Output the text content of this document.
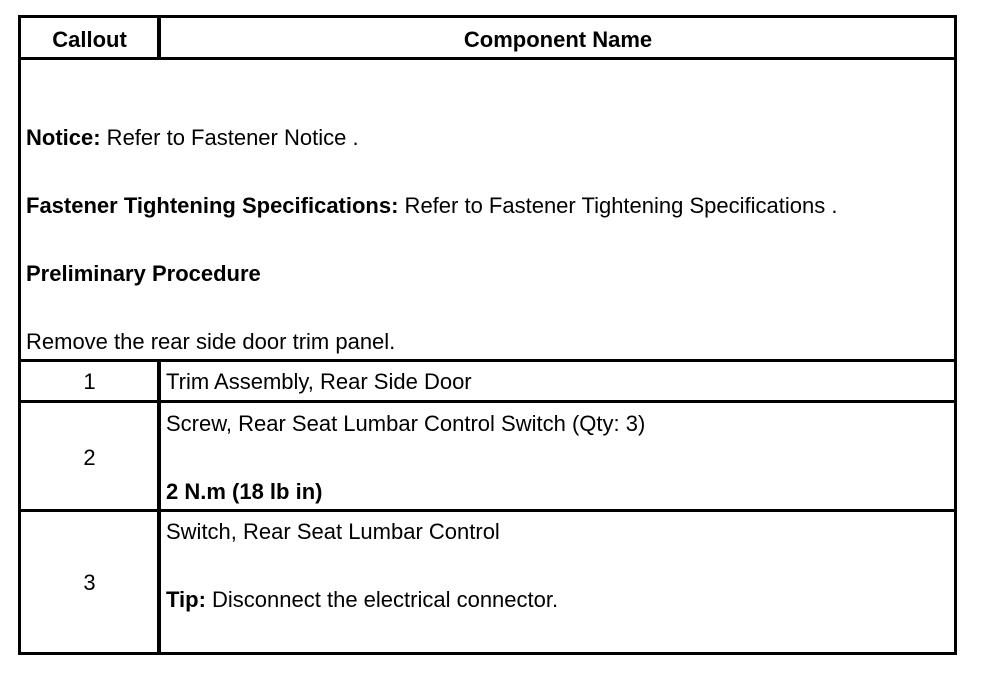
Callout	Component Name
Notice: Refer to Fastener Notice .
Fastener Tightening Specifications: Refer to Fastener Tightening Specifications .
Preliminary Procedure
Remove the rear side door trim panel.
1	Trim Assembly, Rear Side Door
2
Screw, Rear Seat Lumbar Control Switch (Qty: 3)
2 N.m (18 lb in)
3
Switch, Rear Seat Lumbar Control
Tip: Disconnect the electrical connector.
